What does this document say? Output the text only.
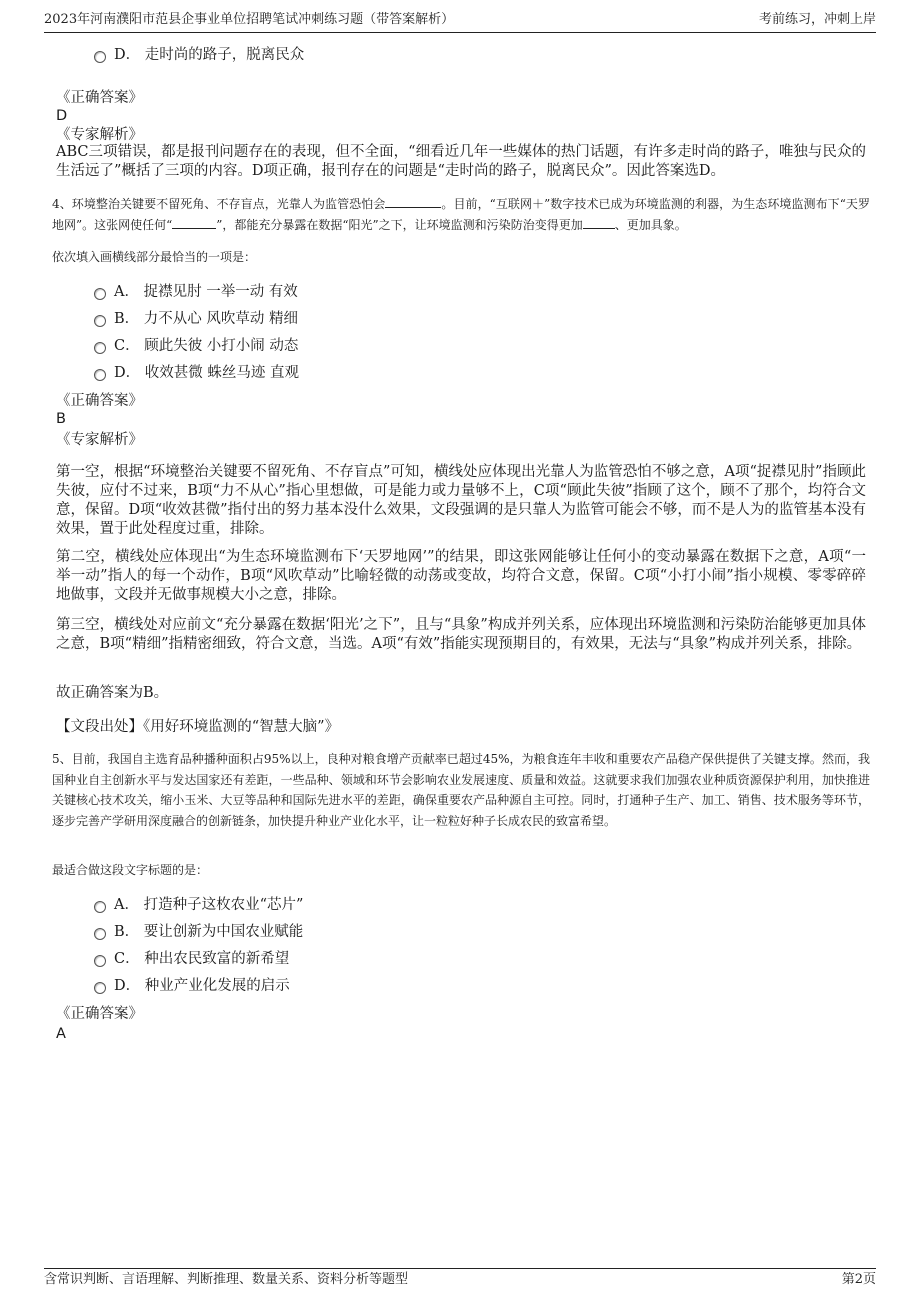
2023年河南濮阳市范县企事业单位招聘笔试冲刺练习题（带答案解析）	考前练习，冲刺上岸
D． 走时尚的路子，脱离民众
《正确答案》
D
《专家解析》
ABC三项错误，都是报刊问题存在的表现，但不全面，“细看近几年一些媒体的热门话题，有许多走时尚的路子，唯独与民众的生活远了”概括了三项的内容。D项正确，报刊存在的问题是“走时尚的路子，脱离民众”。因此答案选D。
4、环境整治关键要不留死角、不存盲点，光靠人为监管恐怕会	。目前，“互联网＋”数字技术已成为环境监测的利器，为生态环境监测布下“天罗地网”。这张网使任何“	”，都能充分暴露在数据“阳光”之下，让环境监测和污染防治变得更加	、更加具象。
依次填入画横线部分最恰当的一项是：
A． 捉襟见肘 一举一动 有效
B． 力不从心 风吹草动 精细
C． 顾此失彼 小打小闹 动态
D． 收效甚微 蛛丝马迹 直观
《正确答案》
B
《专家解析》
第一空，根据“环境整治关键要不留死角、不存盲点”可知，横线处应体现出光靠人为监管恐怕不够之意，A项“捉襟见肘”指顾此失彼，应付不过来，B项“力不从心”指心里想做，可是能力或力量够不上，C项“顾此失彼”指顾了这个，顾不了那个，均符合文意，保留。D项“收效甚微”指付出的努力基本没什么效果，文段强调的是只靠人为监管可能会不够，而不是人为的监管基本没有效果，置于此处程度过重，排除。
第二空，横线处应体现出“为生态环境监测布下‘天罗地网’”的结果，即这张网能够让任何小的变动暴露在数据下之意，A项“一举一动”指人的每一个动作，B项“风吹草动”比喻轻微的动荡或变故，均符合文意，保留。C项“小打小闹”指小规模、零零碎碎地做事，文段并无做事规模大小之意，排除。
第三空，横线处对应前文“充分暴露在数据‘阳光’之下”，且与“具象”构成并列关系，应体现出环境监测和污染防治能够更加具体之意，B项“精细”指精密细致，符合文意，当选。A项“有效”指能实现预期目的，有效果，无法与“具象”构成并列关系，排除。
故正确答案为B。
【文段出处】《用好环境监测的“智慧大脑”》
5、目前，我国自主选育品种播种面积占95%以上，良种对粮食增产贡献率已超过45%，为粮食连年丰收和重要农产品稳产保供提供了关键支撑。然而，我国种业自主创新水平与发达国家还有差距，一些品种、领域和环节会影响农业发展速度、质量和效益。这就要求我们加强农业种质资源保护利用，加快推进关键核心技术攻关，缩小玉米、大豆等品种和国际先进水平的差距，确保重要农产品种源自主可控。同时，打通种子生产、加工、销售、技术服务等环节，逐步完善产学研用深度融合的创新链条，加快提升种业产业化水平，让一粒粒好种子长成农民的致富希望。
最适合做这段文字标题的是：
A． 打造种子这枚农业“芯片”
B． 要让创新为中国农业赋能
C． 种出农民致富的新希望
D． 种业产业化发展的启示
《正确答案》
A
含常识判断、言语理解、判断推理、数量关系、资料分析等题型	第2页
